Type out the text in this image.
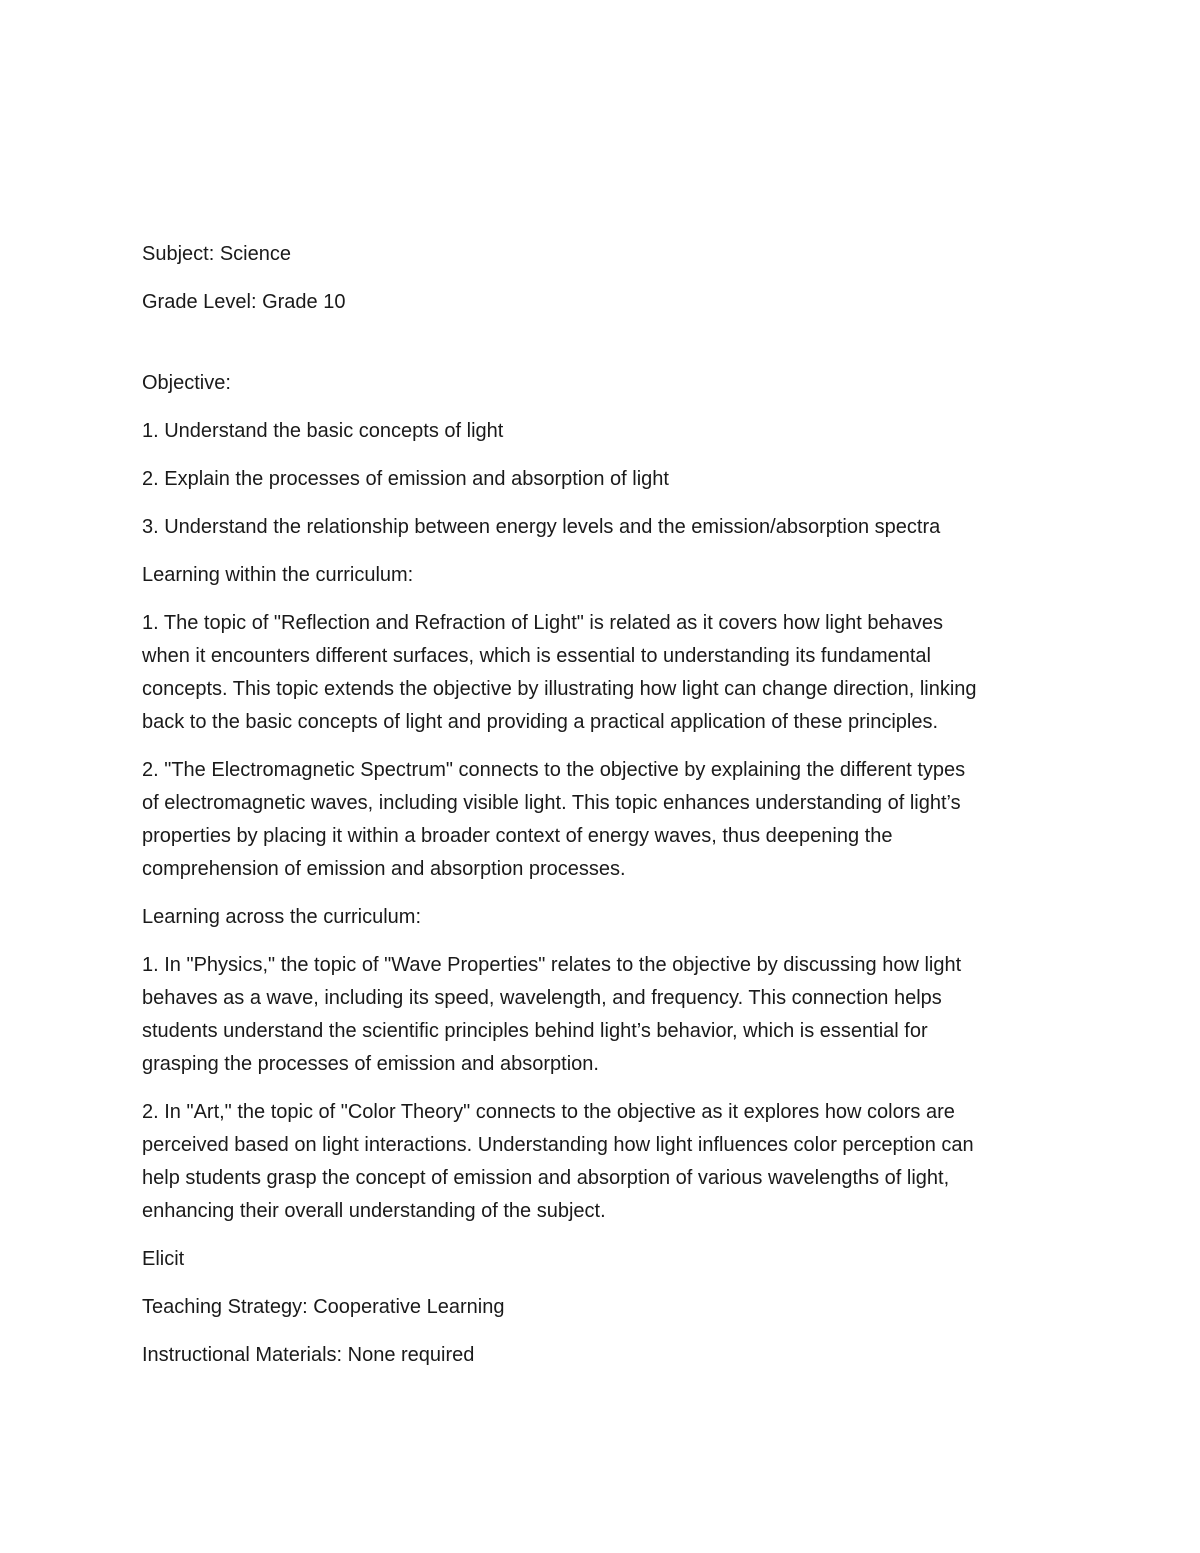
Subject: Science

Grade Level: Grade 10

Objective:

1. Understand the basic concepts of light

2. Explain the processes of emission and absorption of light

3. Understand the relationship between energy levels and the emission/absorption spectra

Learning within the curriculum:

1. The topic of "Reflection and Refraction of Light" is related as it covers how light behaves
when it encounters different surfaces, which is essential to understanding its fundamental
concepts. This topic extends the objective by illustrating how light can change direction, linking
back to the basic concepts of light and providing a practical application of these principles.

2. "The Electromagnetic Spectrum" connects to the objective by explaining the different types
of electromagnetic waves, including visible light. This topic enhances understanding of light’s
properties by placing it within a broader context of energy waves, thus deepening the
comprehension of emission and absorption processes.

Learning across the curriculum:

1. In "Physics," the topic of "Wave Properties" relates to the objective by discussing how light
behaves as a wave, including its speed, wavelength, and frequency. This connection helps
students understand the scientific principles behind light’s behavior, which is essential for
grasping the processes of emission and absorption.

2. In "Art," the topic of "Color Theory" connects to the objective as it explores how colors are
perceived based on light interactions. Understanding how light influences color perception can
help students grasp the concept of emission and absorption of various wavelengths of light,
enhancing their overall understanding of the subject.

Elicit

Teaching Strategy: Cooperative Learning

Instructional Materials: None required
